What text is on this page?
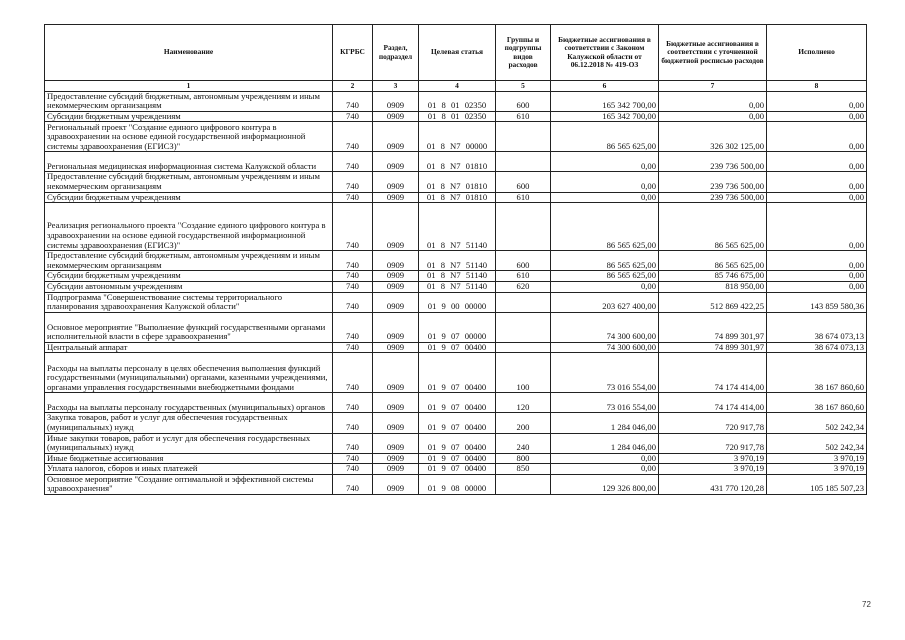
Наименование	КГРБС	Раздел, подраздел	Целевая статья	Группы и подгруппы видов расходов	Бюджетные ассигнования в соответствии с Законом Калужской области от 06.12.2018 № 419-ОЗ	Бюджетные ассигнования в соответствии с уточненной бюджетной росписью расходов	Исполнено
1	2	3	4	5	6	7	8
Предоставление субсидий бюджетным, автономным учреждениям и иным некоммерческим организациям	740	0909	01 8 01 02350	600	165 342 700,00	0,00	0,00
Субсидии бюджетным учреждениям	740	0909	01 8 01 02350	610	165 342 700,00	0,00	0,00
Региональный проект "Создание единого цифрового контура в здравоохранении на основе единой государственной информационной системы здравоохранения (ЕГИСЗ)"	740	0909	01 8 N7 00000		86 565 625,00	326 302 125,00	0,00
Региональная медицинская информационная система Калужской области	740	0909	01 8 N7 01810		0,00	239 736 500,00	0,00
Предоставление субсидий бюджетным, автономным учреждениям и иным некоммерческим организациям	740	0909	01 8 N7 01810	600	0,00	239 736 500,00	0,00
Субсидии бюджетным учреждениям	740	0909	01 8 N7 01810	610	0,00	239 736 500,00	0,00
Реализация регионального проекта "Создание единого цифрового контура в здравоохранении на основе единой государственной информационной системы здравоохранения (ЕГИСЗ)"	740	0909	01 8 N7 51140		86 565 625,00	86 565 625,00	0,00
Предоставление субсидий бюджетным, автономным учреждениям и иным некоммерческим организациям	740	0909	01 8 N7 51140	600	86 565 625,00	86 565 625,00	0,00
Субсидии бюджетным учреждениям	740	0909	01 8 N7 51140	610	86 565 625,00	85 746 675,00	0,00
Субсидии автономным учреждениям	740	0909	01 8 N7 51140	620	0,00	818 950,00	0,00
Подпрограмма "Совершенствование системы территориального планирования здравоохранения Калужской области"	740	0909	01 9 00 00000		203 627 400,00	512 869 422,25	143 859 580,36
Основное мероприятие "Выполнение функций государственными органами исполнительной власти в сфере здравоохранения"	740	0909	01 9 07 00000		74 300 600,00	74 899 301,97	38 674 073,13
Центральный аппарат	740	0909	01 9 07 00400		74 300 600,00	74 899 301,97	38 674 073,13
Расходы на выплаты персоналу в целях обеспечения выполнения функций государственными (муниципальными) органами, казенными учреждениями, органами управления государственными внебюджетными фондами	740	0909	01 9 07 00400	100	73 016 554,00	74 174 414,00	38 167 860,60
Расходы на выплаты персоналу государственных (муниципальных) органов	740	0909	01 9 07 00400	120	73 016 554,00	74 174 414,00	38 167 860,60
Закупка товаров, работ и услуг для обеспечения государственных (муниципальных) нужд	740	0909	01 9 07 00400	200	1 284 046,00	720 917,78	502 242,34
Иные закупки товаров, работ и услуг для обеспечения государственных (муниципальных) нужд	740	0909	01 9 07 00400	240	1 284 046,00	720 917,78	502 242,34
Иные бюджетные ассигнования	740	0909	01 9 07 00400	800	0,00	3 970,19	3 970,19
Уплата налогов, сборов и иных платежей	740	0909	01 9 07 00400	850	0,00	3 970,19	3 970,19
Основное мероприятие "Создание оптимальной и эффективной системы здравоохранения"	740	0909	01 9 08 00000		129 326 800,00	431 770 120,28	105 185 507,23
72
